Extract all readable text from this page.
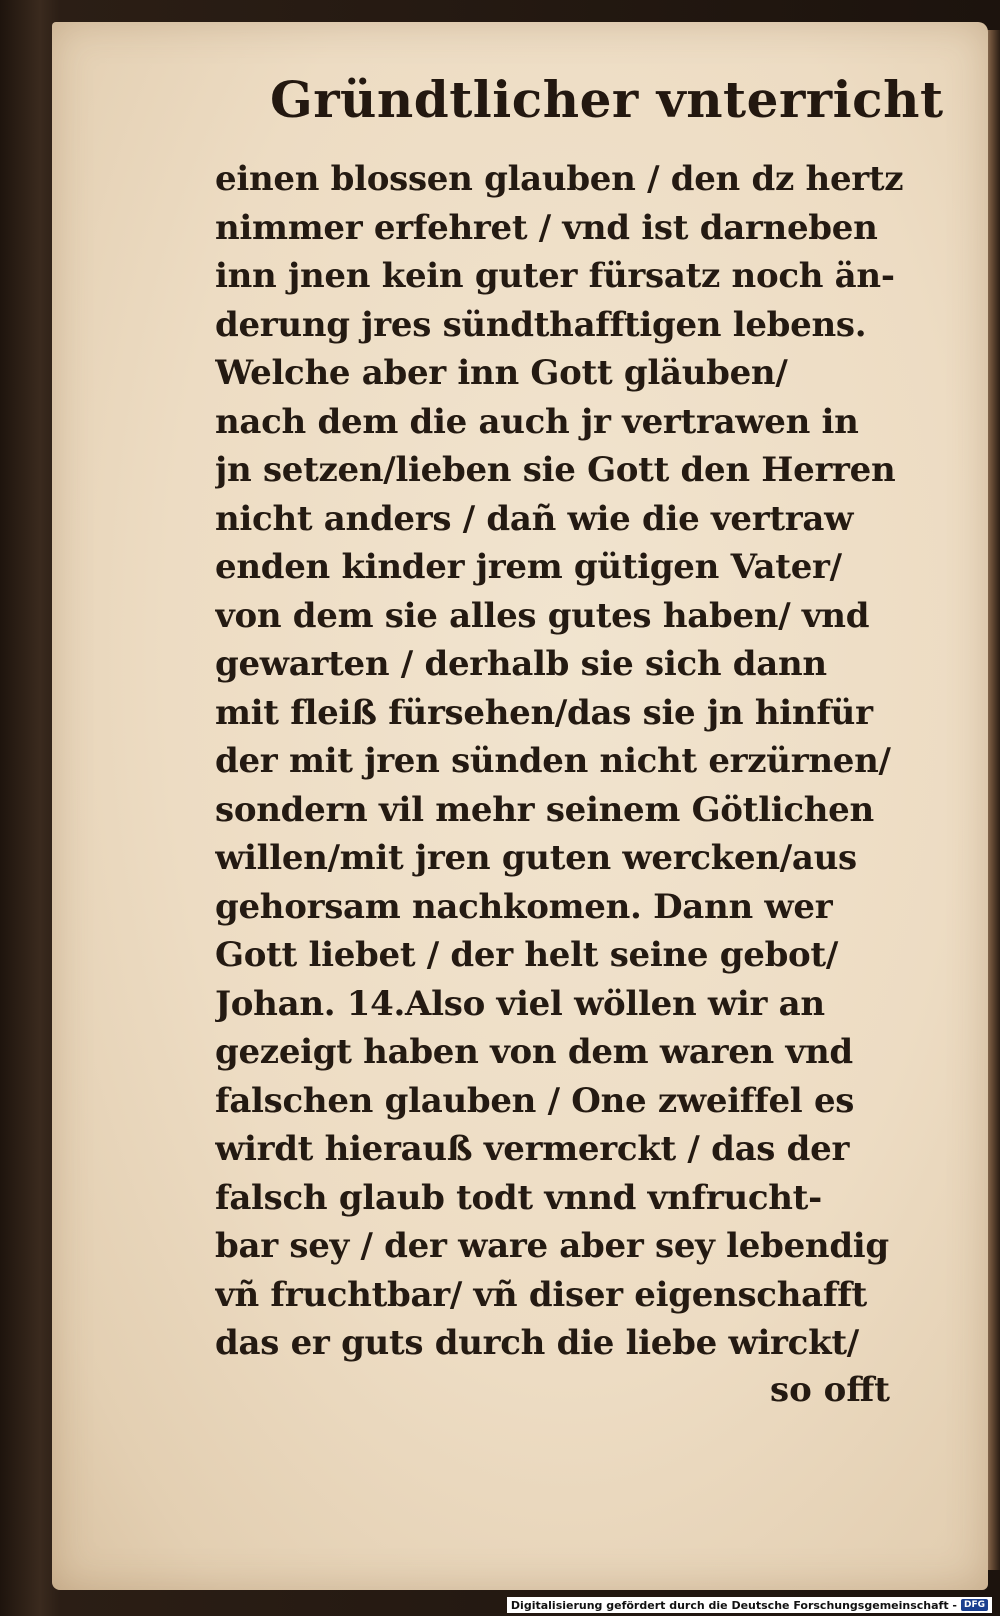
Gründtlicher vnterricht
einen blossen glauben / den dz hertz
nimmer erfehret / vnd ist darneben
inn jnen kein guter fürsatz noch än-
derung jres sündthafftigen lebens.
Welche aber inn Gott gläuben/
nach dem die auch jr vertrawen in
jn setzen/lieben sie Gott den Herren
nicht anders / dañ wie die vertraw
enden kinder jrem gütigen Vater/
von dem sie alles gutes haben/ vnd
gewarten / derhalb sie sich dann
mit fleiß fürsehen/das sie jn hinfür
der mit jren sünden nicht erzürnen/
sondern vil mehr seinem Götlichen
willen/mit jren guten wercken/aus
gehorsam nachkomen. Dann wer
Gott liebet / der helt seine gebot/
Johan. 14.Also viel wöllen wir an
gezeigt haben von dem waren vnd
falschen glauben / One zweiffel es
wirdt hierauß vermerckt / das der
falsch glaub todt vnnd vnfrucht-
bar sey / der ware aber sey lebendig
vñ fruchtbar/ vñ diser eigenschafft
das er guts durch die liebe wirckt/
so offt
Digitalisierung gefördert durch die Deutsche Forschungsgemeinschaft - DFG
